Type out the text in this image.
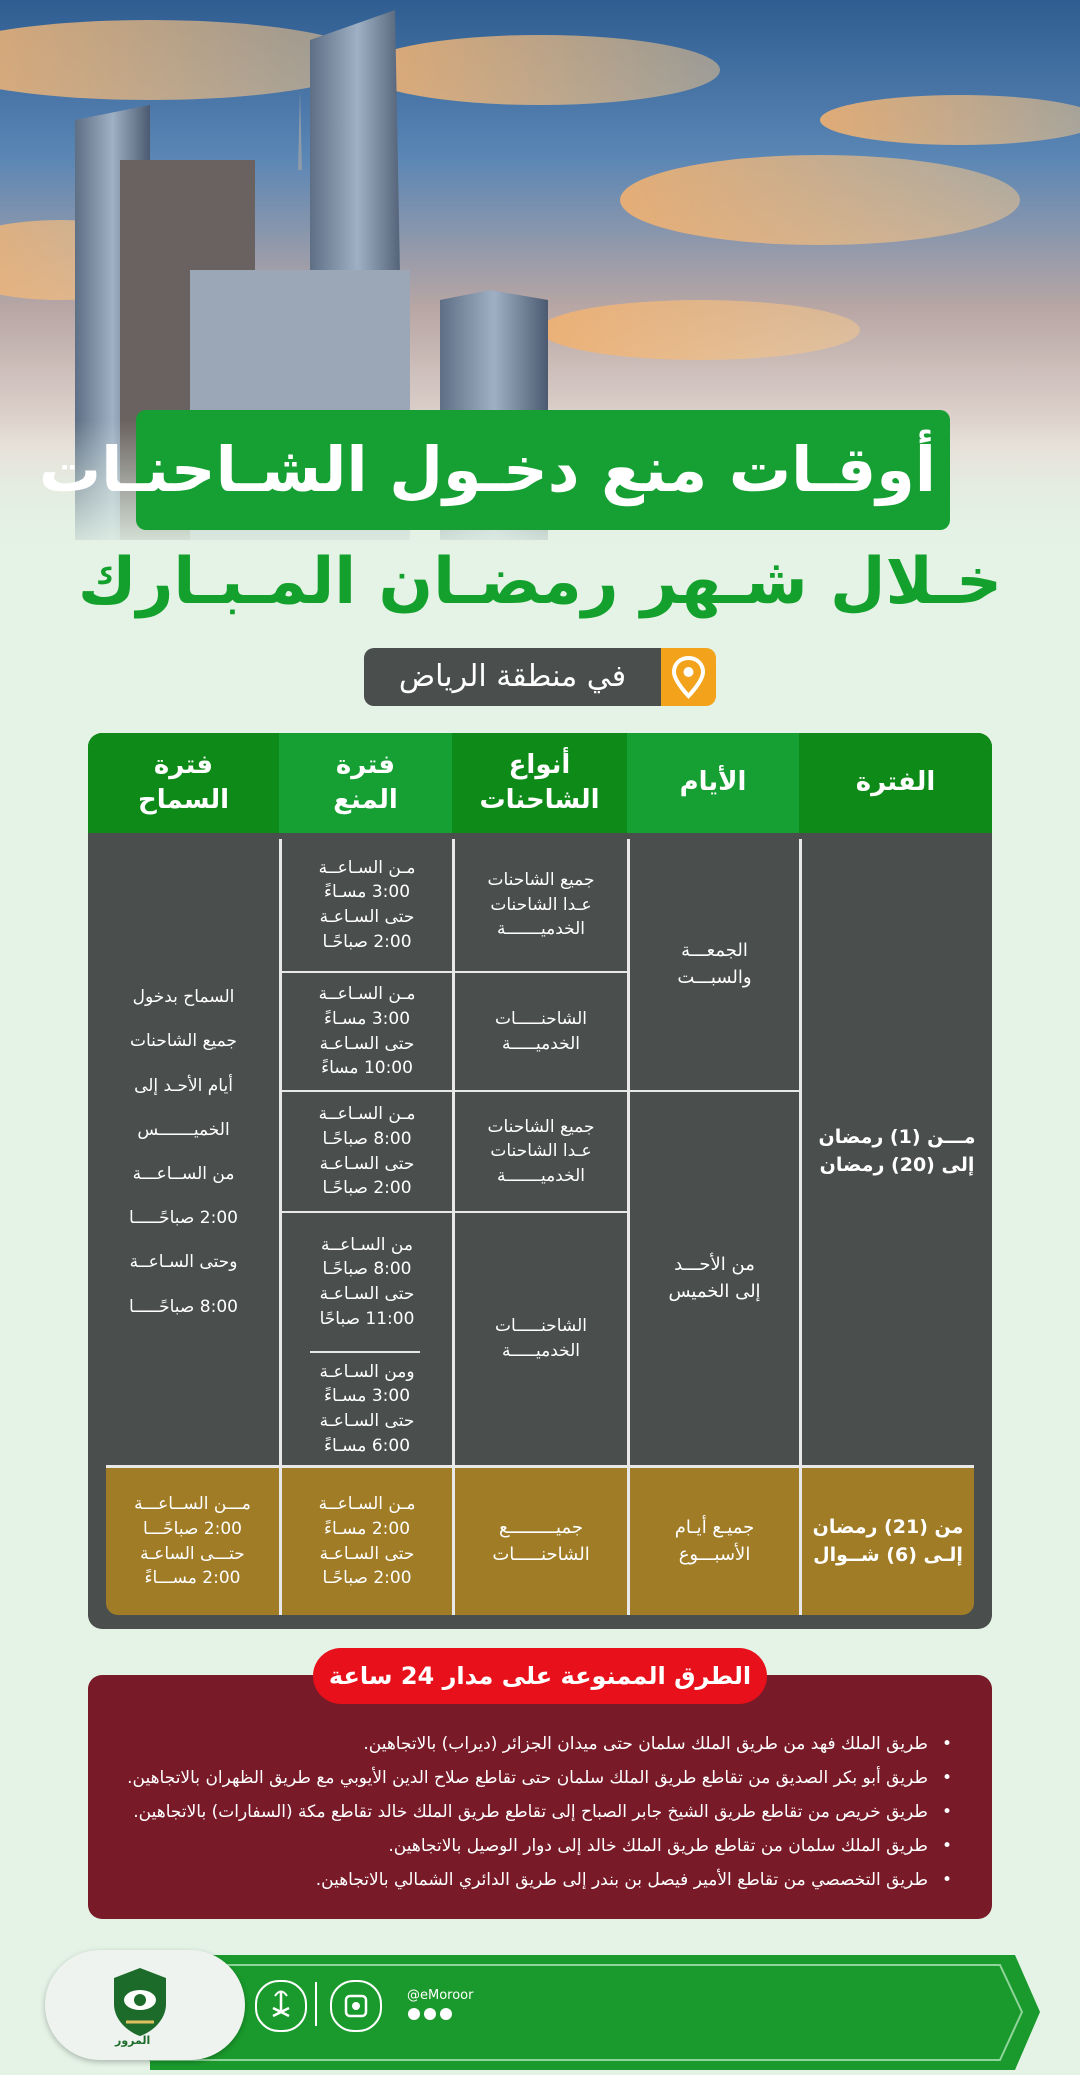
أوقـات منع دخـول الشـاحنـات
خـلال شـهر رمضـان المـبـارك
في منطقة الرياض
فترة
السماح
فترة
المنع
أنواع
الشاحنات
الأيام	الفترة
مـــن (1) رمضان
إلى (20) رمضان
الجمعـــة
والسبـــت
من الأحـــد
إلى الخميس
جميع الشاحنات
عـدا الشاحنات
الخدميـــــــة
الشاحنـــــات
الخدميـــــة
جميع الشاحنات
عـدا الشاحنات
الخدميـــــــة
الشاحنـــــات
الخدميـــــة
مـن السـاعــة
3:00 مسـاءً
حتى السـاعـة
2:00 صباحًـا
مـن السـاعــة
3:00 مسـاءً
حتى السـاعـة
10:00 مساءً
مـن السـاعــة
8:00 صباحًـا
حتى السـاعـة
2:00 صباحًـا
من السـاعــة
8:00 صباحًـا
حتى السـاعـة
11:00 صباحًا
ومن السـاعـة
3:00 مسـاءً
حتى السـاعـة
6:00 مسـاءً
السماح بدخول

جميع الشاحنات

أيام الأحـد إلى

الخميـــــــس

من الســاعـــة

2:00 صباحًـــــا

وحتى السـاعــة

8:00 صباحًـــــا
من (21) رمضان
إلـى (6) شــوال
جميـع أيـام
الأسبـــوع
جميـــــــــع
الشاحنـــــات
مـن السـاعــة
2:00 مسـاءً
حتى السـاعـة
2:00 صباحًـا
مـــن الســاعـــة
2:00 صباحًـــا
حتـــى الساعـة
2:00 مســـاءً
الطرق الممنوعة على مدار 24 ساعة
• طريق الملك فهد من طريق الملك سلمان حتى ميدان الجزائر (ديراب) بالاتجاهين.
• طريق أبو بكر الصديق من تقاطع طريق الملك سلمان حتى تقاطع صلاح الدين الأيوبي مع طريق الظهران بالاتجاهين.
• طريق خريص من تقاطع طريق الشيخ جابر الصباح إلى تقاطع طريق الملك خالد تقاطع مكة (السفارات) بالاتجاهين.
• طريق الملك سلمان من تقاطع طريق الملك خالد إلى دوار الوصيل بالاتجاهين.
• طريق التخصصي من تقاطع الأمير فيصل بن بندر إلى طريق الدائري الشمالي بالاتجاهين.
المرور
@eMoroor
